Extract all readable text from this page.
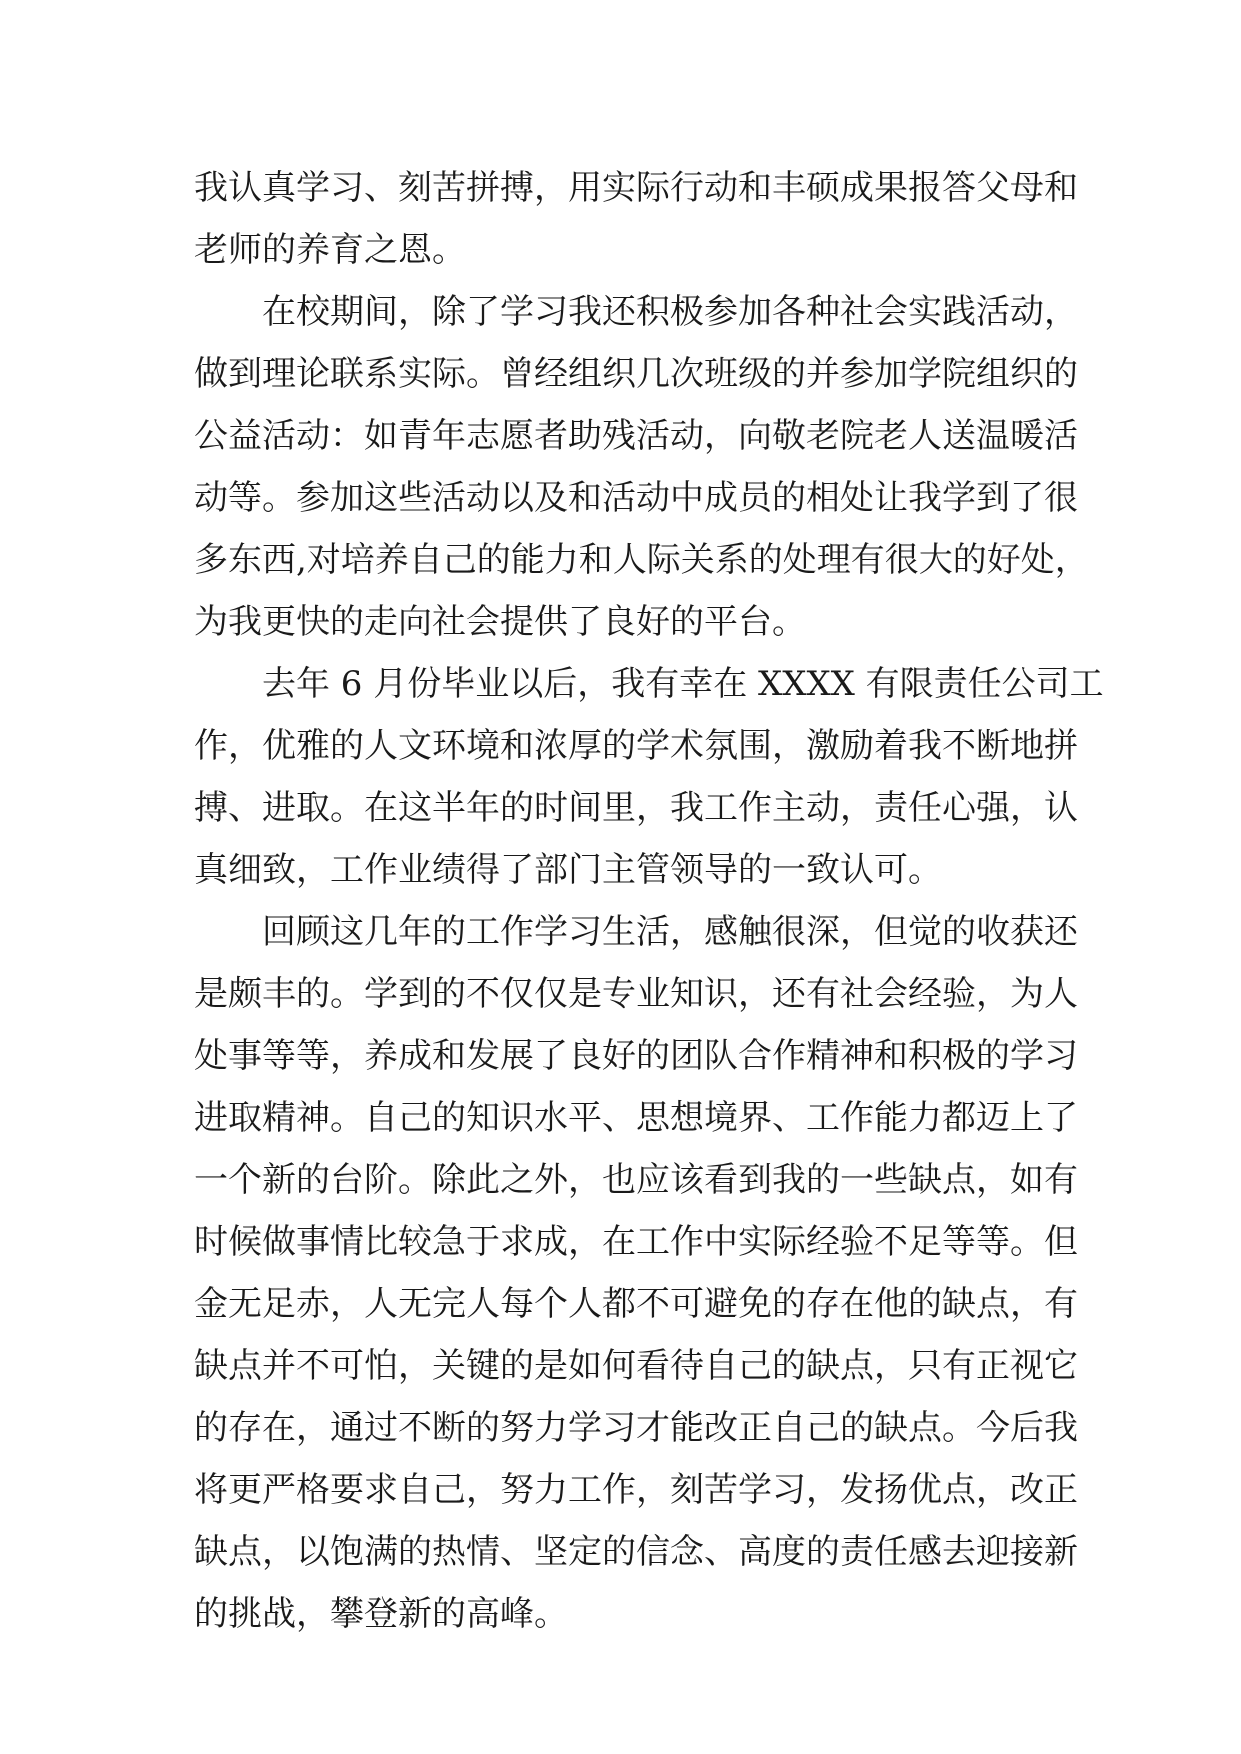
我认真学习、刻苦拼搏，用实际行动和丰硕成果报答父母和
老师的养育之恩。
在校期间，除了学习我还积极参加各种社会实践活动，
做到理论联系实际。曾经组织几次班级的并参加学院组织的
公益活动：如青年志愿者助残活动，向敬老院老人送温暖活
动等。参加这些活动以及和活动中成员的相处让我学到了很
多东西,对培养自己的能力和人际关系的处理有很大的好处，
为我更快的走向社会提供了良好的平台。
去年 6 月份毕业以后，我有幸在 XXXX 有限责任公司工
作，优雅的人文环境和浓厚的学术氛围，激励着我不断地拼
搏、进取。在这半年的时间里，我工作主动，责任心强，认
真细致，工作业绩得了部门主管领导的一致认可。
回顾这几年的工作学习生活，感触很深，但觉的收获还
是颇丰的。学到的不仅仅是专业知识，还有社会经验，为人
处事等等，养成和发展了良好的团队合作精神和积极的学习
进取精神。自己的知识水平、思想境界、工作能力都迈上了
一个新的台阶。除此之外，也应该看到我的一些缺点，如有
时候做事情比较急于求成，在工作中实际经验不足等等。但
金无足赤，人无完人每个人都不可避免的存在他的缺点，有
缺点并不可怕，关键的是如何看待自己的缺点，只有正视它
的存在，通过不断的努力学习才能改正自己的缺点。今后我
将更严格要求自己，努力工作，刻苦学习，发扬优点，改正
缺点，以饱满的热情、坚定的信念、高度的责任感去迎接新
的挑战，攀登新的高峰。
